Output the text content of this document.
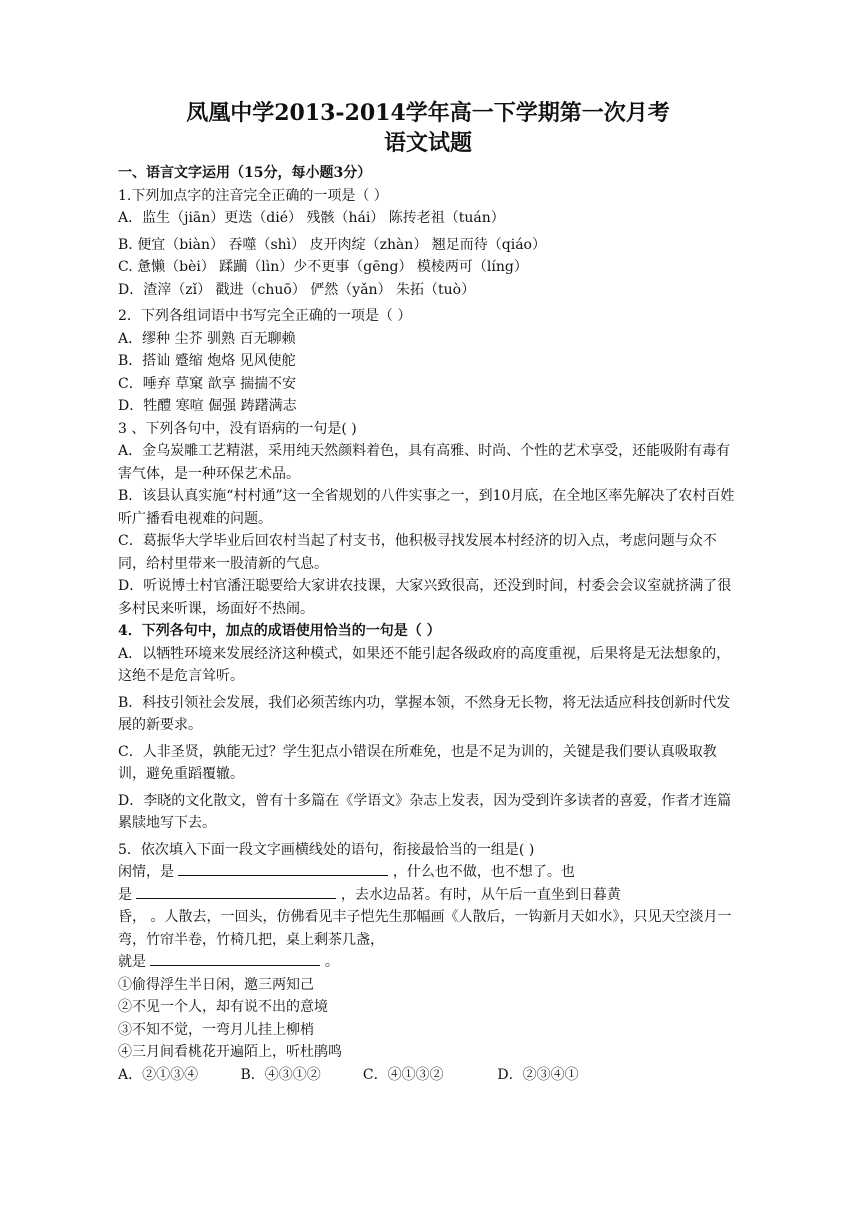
凤凰中学2013-2014学年高一下学期第一次月考

语文试题

一、语言文字运用（15分，每小题3分）

1.下列加点字的注音完全正确的一项是（ ）

A．监生（jiān）更迭（dié） 残骸（hái） 陈抟老祖（tuán）

B. 便宜（biàn） 吞噬（shì） 皮开肉绽（zhàn） 翘足而待（qiáo）

C. 惫懒（bèi） 蹂躏（lìn）少不更事（gēng） 模棱两可（líng）

D．渣滓（zǐ） 戳进（chuō） 俨然（yǎn） 朱拓（tuò）

2．下列各组词语中书写完全正确的一项是（ ）

A．缪种 尘芥 驯熟 百无聊赖

B．搭讪 蹙缩 炮烙 见风使舵

C．唾弃 草窠 歆享 揣揣不安

D．牲醴 寒喧 倔强 踌躇满志

3 、下列各句中，没有语病的一句是( )

A．金乌炭雕工艺精湛，采用纯天然颜料着色，具有高雅、时尚、个性的艺术享受，还能吸附有毒有害气体，是一种环保艺术品。

B．该县认真实施“村村通”这一全省规划的八件实事之一，到10月底，在全地区率先解决了农村百姓听广播看电视难的问题。

C．葛振华大学毕业后回农村当起了村支书，他积极寻找发展本村经济的切入点，考虑问题与众不同，给村里带来一股清新的气息。

D．听说博士村官潘汪聪要给大家讲农技课，大家兴致很高，还没到时间，村委会会议室就挤满了很多村民来听课，场面好不热闹。

4．下列各句中，加点的成语使用恰当的一句是（ ）

A．以牺牲环境来发展经济这种模式，如果还不能引起各级政府的高度重视，后果将是无法想象的，这绝不是危言耸听。

B．科技引领社会发展，我们必须苦练内功，掌握本领，不然身无长物，将无法适应科技创新时代发展的新要求。

C．人非圣贤，孰能无过？学生犯点小错误在所难免，也是不足为训的，关键是我们要认真吸取教训，避免重蹈覆辙。

D．李晓的文化散文，曾有十多篇在《学语文》杂志上发表，因为受到许多读者的喜爱，作者才连篇累牍地写下去。

5．依次填入下面一段文字画横线处的语句，衔接最恰当的一组是( )

闲情，是	，什么也不做，也不想了。也

是	，去水边品茗。有时，从午后一直坐到日暮黄

昏， 。人散去，一回头，仿佛看见丰子恺先生那幅画《人散后，一钩新月天如水》，只见天空淡月一弯，竹帘半卷，竹椅几把，桌上剩茶几盏，

就是	。

①偷得浮生半日闲，邀三两知己

②不见一个人，却有说不出的意境

③不知不觉，一弯月儿挂上柳梢

④三月间看桃花开遍陌上，听杜鹃鸣

A．②①③④	B．④③①②	C．④①③②	D．②③④①
